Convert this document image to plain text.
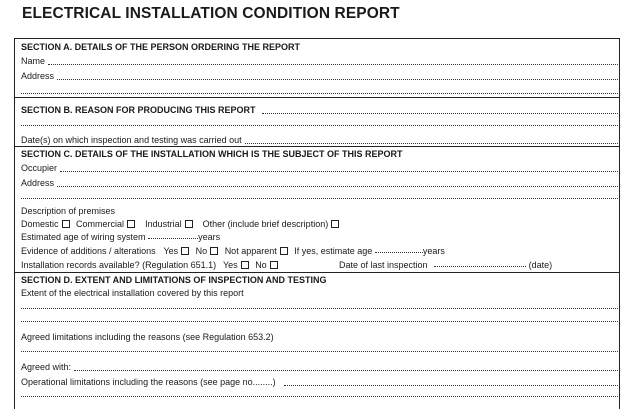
ELECTRICAL INSTALLATION CONDITION REPORT
SECTION A. DETAILS OF THE PERSON ORDERING THE REPORT
Name
Address
SECTION B. REASON FOR PRODUCING THIS REPORT
Date(s) on which inspection and testing was carried out
SECTION C. DETAILS OF THE INSTALLATION WHICH IS THE SUBJECT OF THIS REPORT
Occupier
Address
Description of premises
Domestic Commercial Industrial Other (include brief description)
Estimated age of wiring system	years
Evidence of additions / alterations Yes No Not apparent If yes, estimate age	years
Installation records available? (Regulation 651.1) Yes No	Date of last inspection	(date)
SECTION D. EXTENT AND LIMITATIONS OF INSPECTION AND TESTING
Extent of the electrical installation covered by this report
Agreed limitations including the reasons (see Regulation 653.2)
Agreed with:
Operational limitations including the reasons (see page no........)
